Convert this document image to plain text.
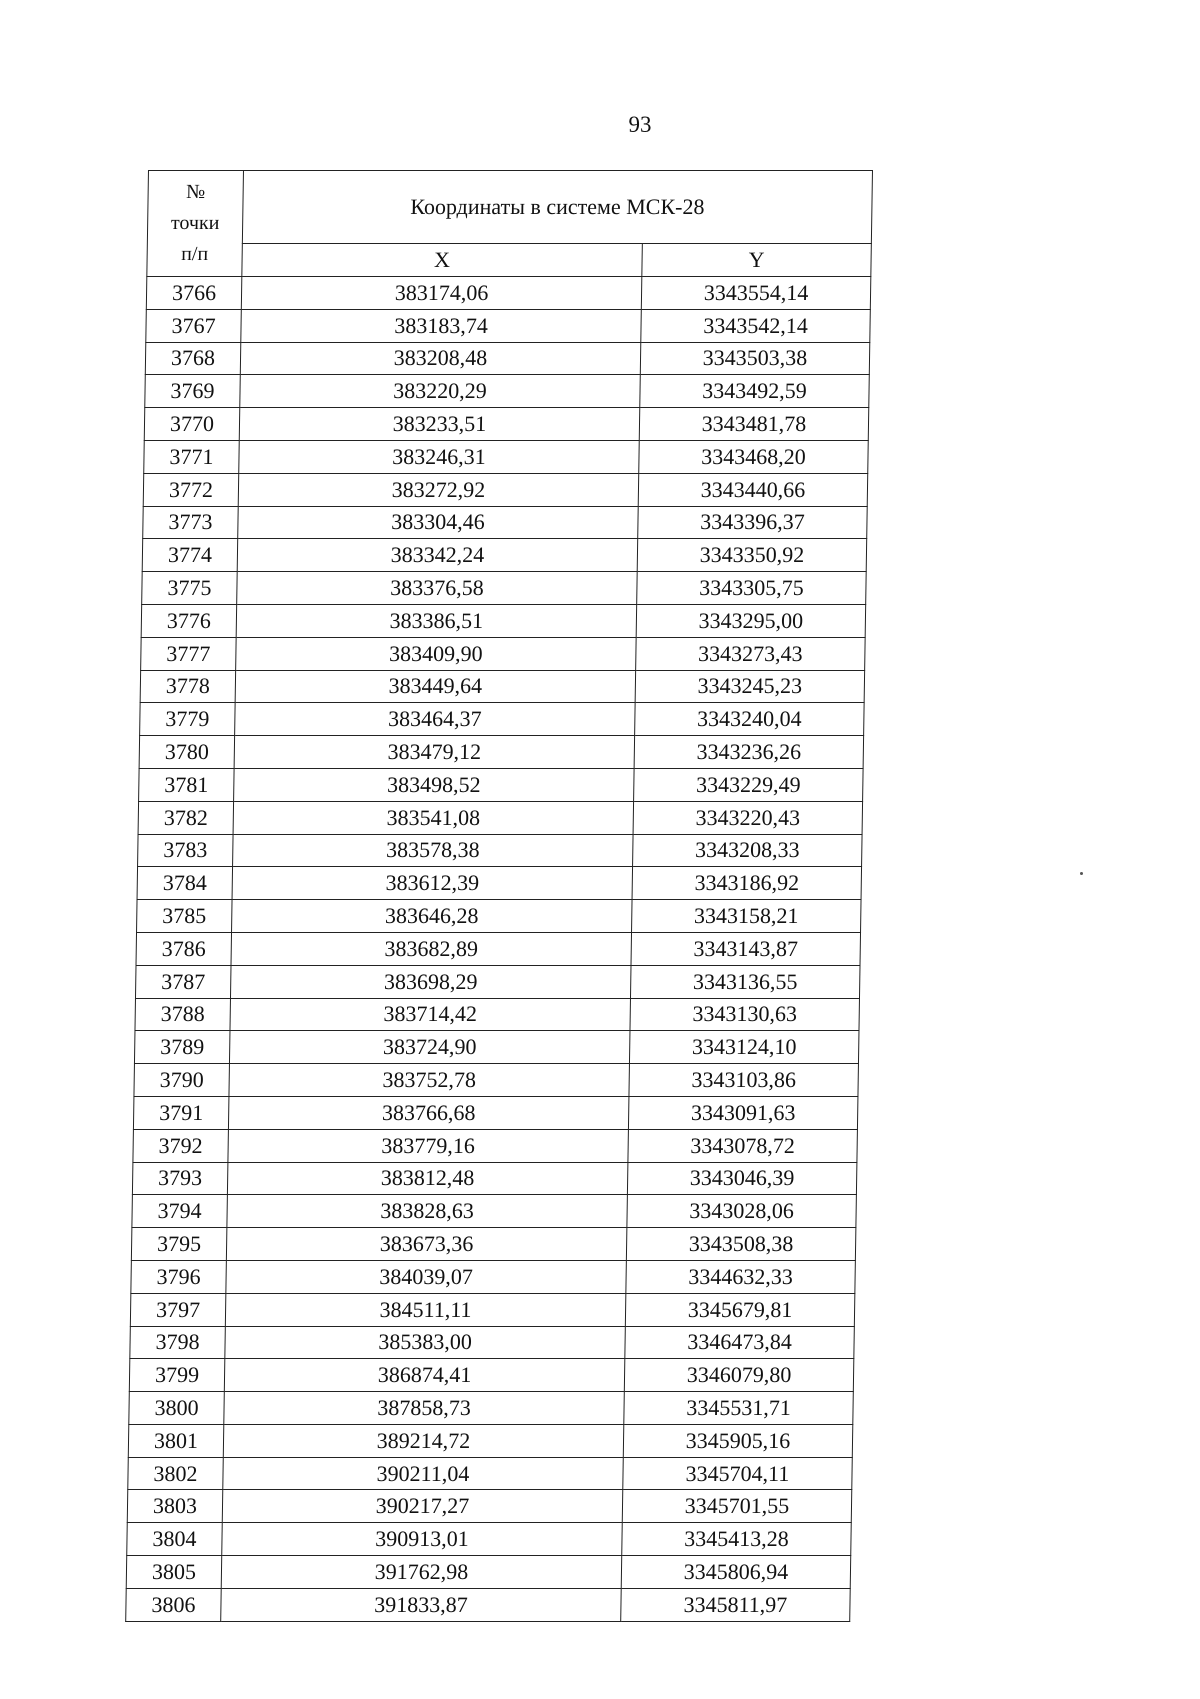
93
№
точки
п/п	Координаты в системе МСК-28	
	X	Y
3766	383174,06	3343554,14
3767	383183,74	3343542,14
3768	383208,48	3343503,38
3769	383220,29	3343492,59
3770	383233,51	3343481,78
3771	383246,31	3343468,20
3772	383272,92	3343440,66
3773	383304,46	3343396,37
3774	383342,24	3343350,92
3775	383376,58	3343305,75
3776	383386,51	3343295,00
3777	383409,90	3343273,43
3778	383449,64	3343245,23
3779	383464,37	3343240,04
3780	383479,12	3343236,26
3781	383498,52	3343229,49
3782	383541,08	3343220,43
3783	383578,38	3343208,33
3784	383612,39	3343186,92
3785	383646,28	3343158,21
3786	383682,89	3343143,87
3787	383698,29	3343136,55
3788	383714,42	3343130,63
3789	383724,90	3343124,10
3790	383752,78	3343103,86
3791	383766,68	3343091,63
3792	383779,16	3343078,72
3793	383812,48	3343046,39
3794	383828,63	3343028,06
3795	383673,36	3343508,38
3796	384039,07	3344632,33
3797	384511,11	3345679,81
3798	385383,00	3346473,84
3799	386874,41	3346079,80
3800	387858,73	3345531,71
3801	389214,72	3345905,16
3802	390211,04	3345704,11
3803	390217,27	3345701,55
3804	390913,01	3345413,28
3805	391762,98	3345806,94
3806	391833,87	3345811,97
